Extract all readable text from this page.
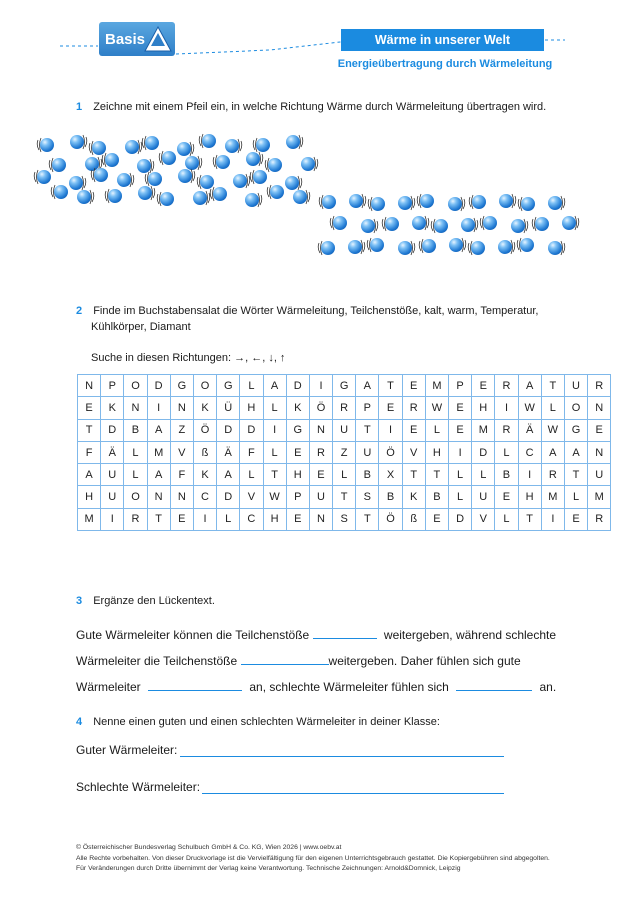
Basis	Wärme in unserer Welt
Energieübertragung durch Wärmeleitung
1 Zeichne mit einem Pfeil ein, in welche Richtung Wärme durch Wärmeleitung übertragen wird.
2 Finde im Buchstabensalat die Wörter Wärmeleitung, Teilchenstöße, kalt, warm, Temperatur,
Kühlkörper, Diamant
Suche in diesen Richtungen: →, ←, ↓, ↑
N	P	O	D	G	O	G	L	A	D	I	G	A	T	E	M	P	E	R	A	T	U	R
E	K	N	I	N	K	Ü	H	L	K	Ö	R	P	E	R	W	E	H	I	W	L	O	N
T	D	B	A	Z	Ö	D	D	I	G	N	U	T	I	E	L	E	M	R	Ä	W	G	E
F	Ä	L	M	V	ß	Ä	F	L	E	R	Z	U	Ö	V	H	I	D	L	C	A	A	N
A	U	L	A	F	K	A	L	T	H	E	L	B	X	T	T	L	L	B	I	R	T	U
H	U	O	N	N	C	D	V	W	P	U	T	S	B	K	B	L	U	E	H	M	L	M
M	I	R	T	E	I	L	C	H	E	N	S	T	Ö	ß	E	D	V	L	T	I	E	R
3 Ergänze den Lückentext.
Gute Wärmeleiter können die Teilchenstöße	weitergeben, während schlechte
Wärmeleiter die Teilchenstöße	weitergeben. Daher fühlen sich gute
Wärmeleiter	an, schlechte Wärmeleiter fühlen sich	an.
4 Nenne einen guten und einen schlechten Wärmeleiter in deiner Klasse:
Guter Wärmeleiter:
Schlechte Wärmeleiter:
© Österreichischer Bundesverlag Schulbuch GmbH & Co. KG, Wien 2026 | www.oebv.at
Alle Rechte vorbehalten. Von dieser Druckvorlage ist die Vervielfältigung für den eigenen Unterrichtsgebrauch gestattet. Die Kopiergebühren sind abgegolten.
Für Veränderungen durch Dritte übernimmt der Verlag keine Verantwortung. Technische Zeichnungen: Arnold&Domnick, Leipzig
